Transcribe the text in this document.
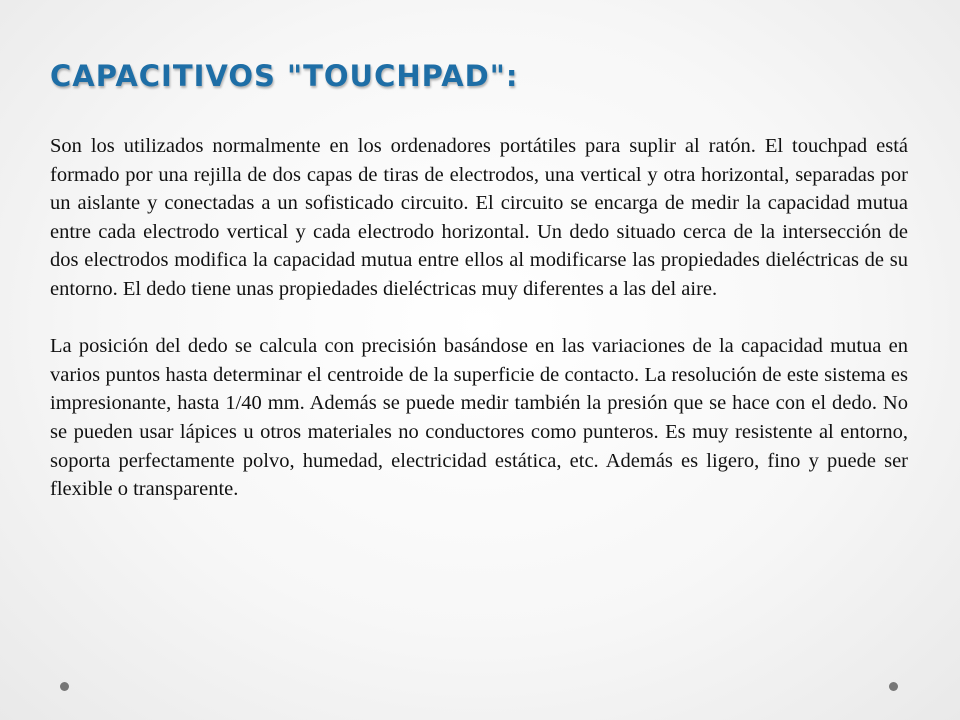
CAPACITIVOS "TOUCHPAD":

Son los utilizados normalmente en los ordenadores portátiles para suplir al ratón. El touchpad está formado por una rejilla de dos capas de tiras de electrodos, una vertical y otra horizontal, separadas por un aislante y conectadas a un sofisticado circuito. El circuito se encarga de medir la capacidad mutua entre cada electrodo vertical y cada electrodo horizontal. Un dedo situado cerca de la intersección de dos electrodos modifica la capacidad mutua entre ellos al modificarse las propiedades dieléctricas de su entorno. El dedo tiene unas propiedades dieléctricas muy diferentes a las del aire.

La posición del dedo se calcula con precisión basándose en las variaciones de la capacidad mutua en varios puntos hasta determinar el centroide de la superficie de contacto. La resolución de este sistema es impresionante, hasta 1/40 mm. Además se puede medir también la presión que se hace con el dedo. No se pueden usar lápices u otros materiales no conductores como punteros. Es muy resistente al entorno, soporta perfectamente polvo, humedad, electricidad estática, etc. Además es ligero, fino y puede ser flexible o transparente.
